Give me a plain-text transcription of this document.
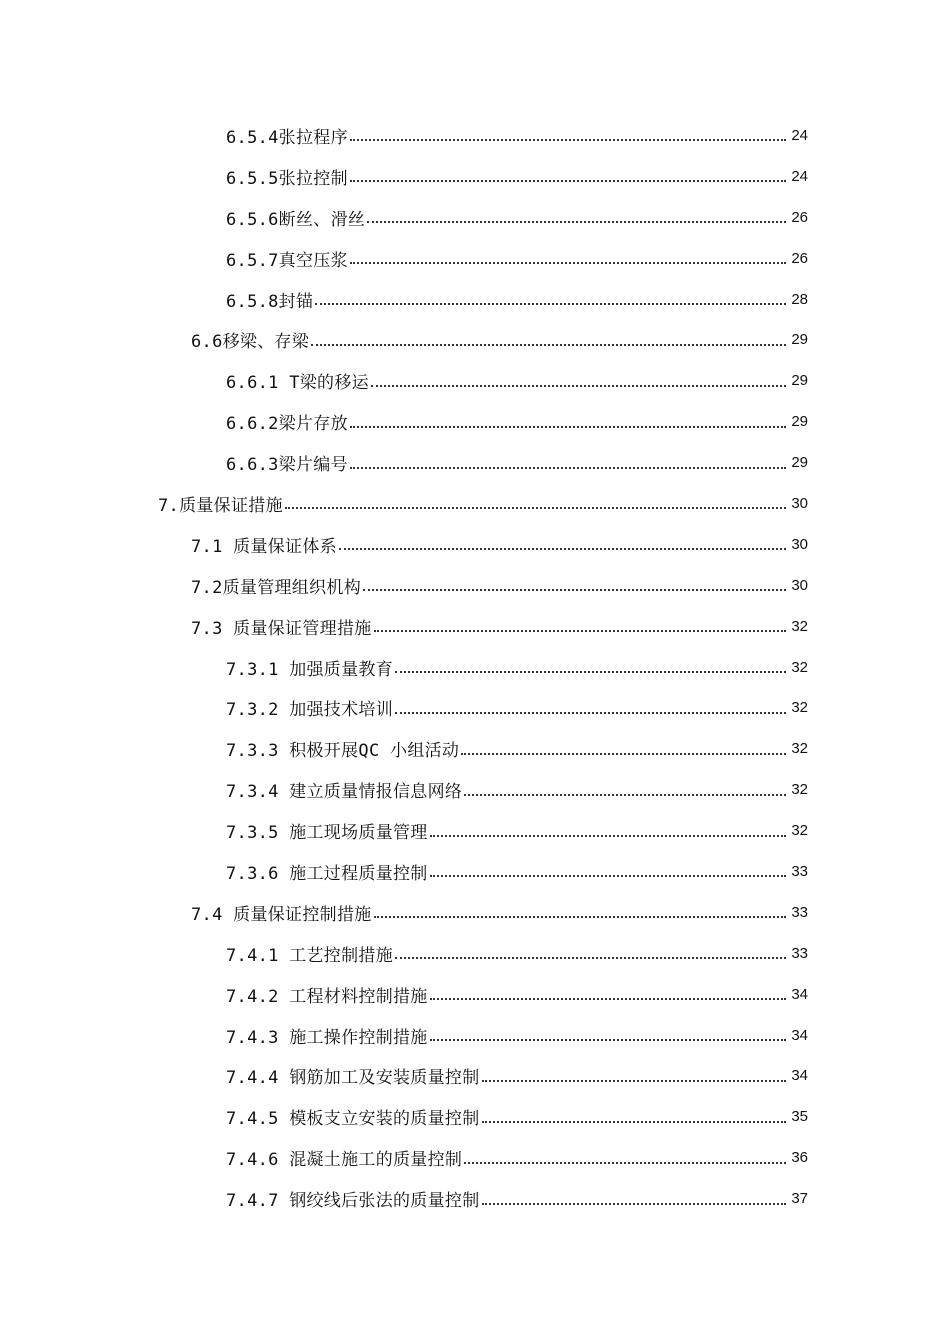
6.5.4张拉程序	24
6.5.5张拉控制	24
6.5.6断丝、滑丝	26
6.5.7真空压浆	26
6.5.8封锚	28
6.6移梁、存梁	29
6.6.1 T梁的移运	29
6.6.2梁片存放	29
6.6.3梁片编号	29
7.质量保证措施	30
7.1 质量保证体系	30
7.2质量管理组织机构	30
7.3 质量保证管理措施	32
7.3.1 加强质量教育	32
7.3.2 加强技术培训	32
7.3.3 积极开展QC 小组活动	32
7.3.4 建立质量情报信息网络	32
7.3.5 施工现场质量管理	32
7.3.6 施工过程质量控制	33
7.4 质量保证控制措施	33
7.4.1 工艺控制措施	33
7.4.2 工程材料控制措施	34
7.4.3 施工操作控制措施	34
7.4.4 钢筋加工及安装质量控制	34
7.4.5 模板支立安装的质量控制	35
7.4.6 混凝土施工的质量控制	36
7.4.7 钢绞线后张法的质量控制	37
